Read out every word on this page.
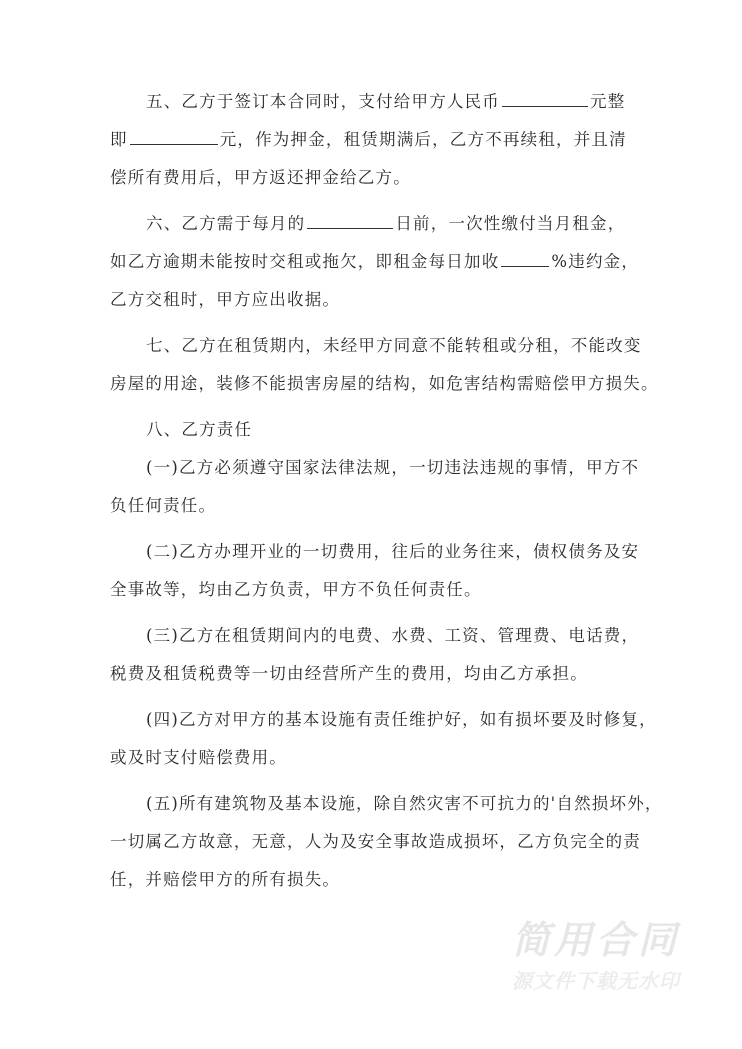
五、乙方于签订本合同时，支付给甲方人民币	元整
即	元，作为押金，租赁期满后，乙方不再续租，并且清
偿所有费用后，甲方返还押金给乙方。
六、乙方需于每月的	日前，一次性缴付当月租金，
如乙方逾期未能按时交租或拖欠，即租金每日加收	%违约金，
乙方交租时，甲方应出收据。
七、乙方在租赁期内，未经甲方同意不能转租或分租，不能改变
房屋的用途，装修不能损害房屋的结构，如危害结构需赔偿甲方损失。
八、乙方责任
(一)乙方必须遵守国家法律法规，一切违法违规的事情，甲方不
负任何责任。
(二)乙方办理开业的一切费用，往后的业务往来，债权债务及安
全事故等，均由乙方负责，甲方不负任何责任。
(三)乙方在租赁期间内的电费、水费、工资、管理费、电话费，
税费及租赁税费等一切由经营所产生的费用，均由乙方承担。
(四)乙方对甲方的基本设施有责任维护好，如有损坏要及时修复，
或及时支付赔偿费用。
(五)所有建筑物及基本设施，除自然灾害不可抗力的'自然损坏外，
一切属乙方故意，无意，人为及安全事故造成损坏，乙方负完全的责
任，并赔偿甲方的所有损失。
简用合同
源文件下载无水印
